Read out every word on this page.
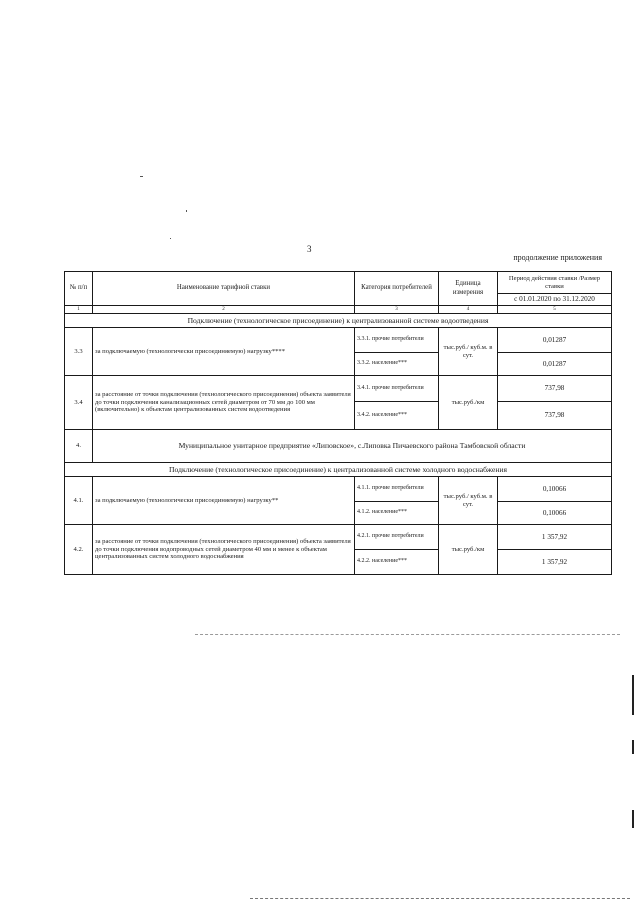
3
продолжение приложения
№ п/п	Наименование тарифной ставки	Категория потребителей	Единица измерения	Период действия ставки /Размер ставки
				с 01.01.2020 по 31.12.2020
1	2	3	4	5
Подключение (технологическое присоединение) к централизованной системе водоотведения				
3.3	за подключаемую (технологически присоединяемую) нагрузку****	3.3.1. прочие потребители	тыс.руб./ куб.м. в сут.	0,01287
		3.3.2. население***		0,01287
3.4	за расстояние от точки подключения (технологического присоединения) объекта заявителя до точки подключения канализационных сетей диаметром от 70 мм до 100 мм (включительно) к объектам централизованных систем водоотведения	3.4.1. прочие потребители	тыс.руб./км	737,98
		3.4.2. население***		737,98
4.	Муниципальное унитарное предприятие «Липовское», с.Липовка Пичаевского района Тамбовской области			
Подключение (технологическое присоединение) к централизованной системе холодного водоснабжения				
4.1.	за подключаемую (технологически присоединяемую) нагрузку**	4.1.1. прочие потребители	тыс.руб./ куб.м. в сут.	0,10066
		4.1.2. население***		0,10066
4.2.	за расстояние от точки подключения (технологического присоединения) объекта заявителя до точки подключения водопроводных сетей диаметром 40 мм и менее к объектам централизованных систем холодного водоснабжения	4.2.1. прочие потребители	тыс.руб./км	1 357,92
		4.2.2. население***		1 357,92
